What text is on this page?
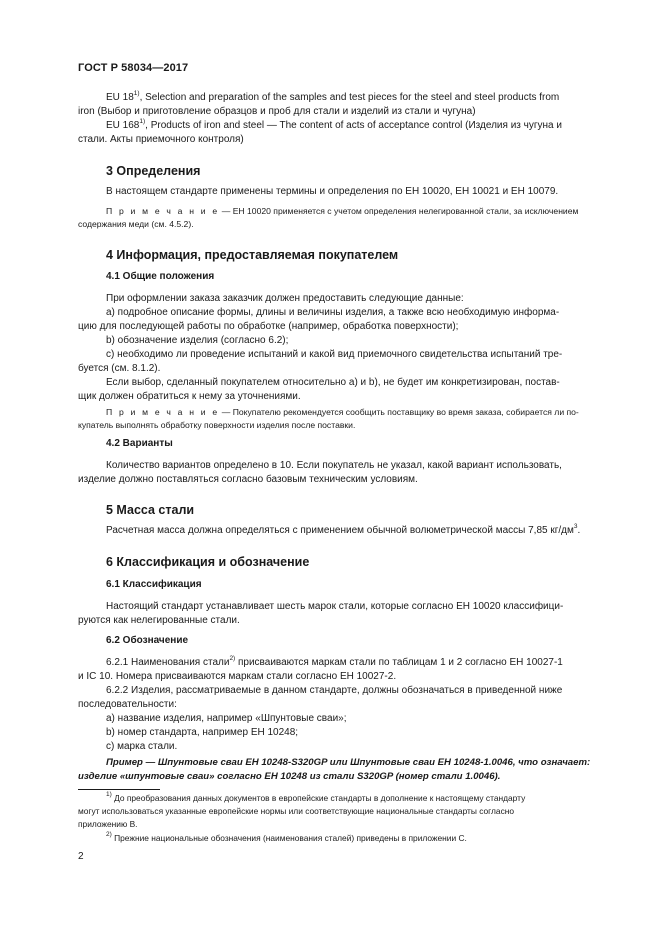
ГОСТ Р 58034—2017
EU 18$^{1)}$, Selection and preparation of the samples and test pieces for the steel and steel products from
iron (Выбор и приготовление образцов и проб для стали и изделий из стали и чугуна)
EU 168$^{1)}$, Products of iron and steel — The content of acts of acceptance control (Изделия из чугуна и
стали. Акты приемочного контроля)
3 Определения
В настоящем стандарте применены термины и определения по ЕН 10020, ЕН 10021 и ЕН 10079.
П р и м е ч а н и е — ЕН 10020 применяется с учетом определения нелегированной стали, за исключением
содержания меди (см. 4.5.2).
4 Информация, предоставляемая покупателем
4.1 Общие положения
При оформлении заказа заказчик должен предоставить следующие данные:
а) подробное описание формы, длины и величины изделия, а также всю необходимую информа-
цию для последующей работы по обработке (например, обработка поверхности);
b) обозначение изделия (согласно 6.2);
с) необходимо ли проведение испытаний и какой вид приемочного свидетельства испытаний тре-
буется (см. 8.1.2).
Если выбор, сделанный покупателем относительно а) и b), не будет им конкретизирован, постав-
щик должен обратиться к нему за уточнениями.
П р и м е ч а н и е — Покупателю рекомендуется сообщить поставщику во время заказа, собирается ли по-
купатель выполнять обработку поверхности изделия после поставки.
4.2 Варианты
Количество вариантов определено в 10. Если покупатель не указал, какой вариант использовать,
изделие должно поставляться согласно базовым техническим условиям.
5 Масса стали
Расчетная масса должна определяться с применением обычной волюметрической массы 7,85 $кг/дм^3$.
6 Классификация и обозначение
6.1 Классификация
Настоящий стандарт устанавливает шесть марок стали, которые согласно ЕН 10020 классифици-
руются как нелегированные стали.
6.2 Обозначение
6.2.1 Наименования стали$^{2)}$ присваиваются маркам стали по таблицам 1 и 2 согласно ЕН 10027-1
и IC 10. Номера присваиваются маркам стали согласно ЕН 10027-2.
6.2.2 Изделия, рассматриваемые в данном стандарте, должны обозначаться в приведенной ниже
последовательности:
а) название изделия, например «Шпунтовые сваи»;
b) номер стандарта, например ЕН 10248;
с) марка стали.
Пример — Шпунтовые сваи ЕН 10248-S320GP или Шпунтовые сваи ЕН 10248-1.0046, что означает:
изделие «шпунтовые сваи» согласно ЕН 10248 из стали S320GP (номер стали 1.0046).
$^{1)}$ До преобразования данных документов в европейские стандарты в дополнение к настоящему стандарту
могут использоваться указанные европейские нормы или соответствующие национальные стандарты согласно
приложению В.
$^{2)}$ Прежние национальные обозначения (наименования сталей) приведены в приложении С.
2
